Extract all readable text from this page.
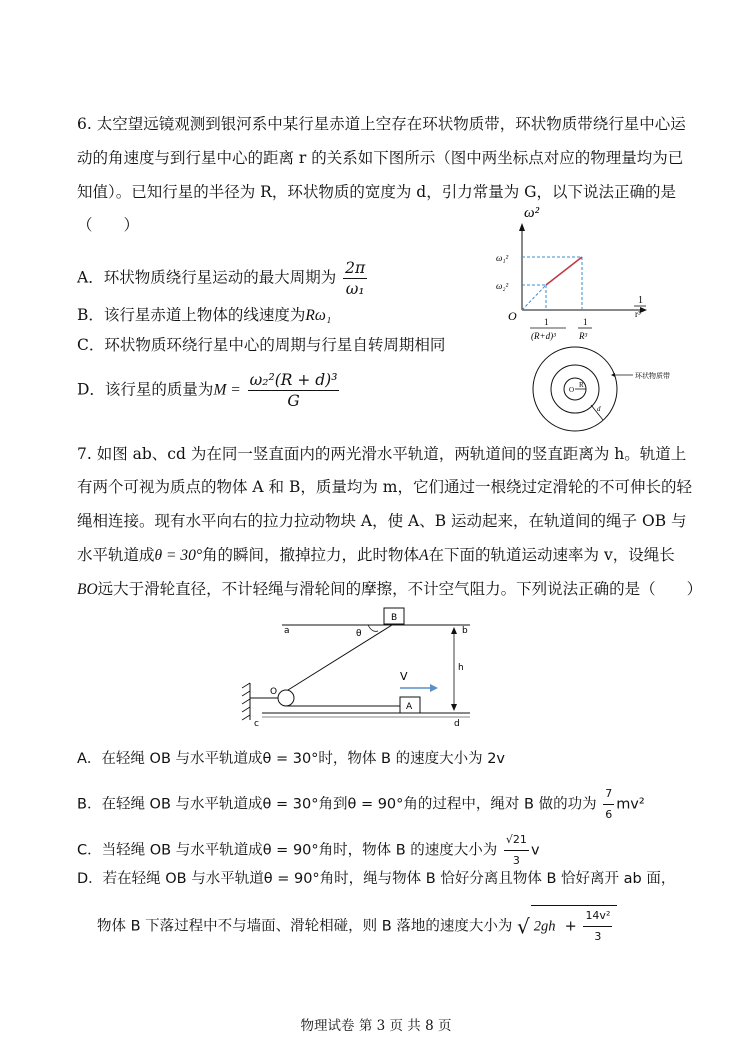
6. 太空望远镜观测到银河系中某行星赤道上空存在环状物质带，环状物质带绕行星中心运
动的角速度与到行星中心的距离 r 的关系如下图所示（图中两坐标点对应的物理量均为已
知值）。已知行星的半径为 R，环状物质的宽度为 d，引力常量为 G，以下说法正确的是
（　　）
A．环状物质绕行星运动的最大周期为 $\frac{2\pi}{\text{ω₁}}$
B．该行星赤道上物体的线速度为Rω₁
C．环状物质环绕行星中心的周期与行星自转周期相同
D．该行星的质量为$M = \frac{\text{ω₂²(R + d)³}}{G}$
ω²
ω₁²
ω₂²
O
1
r³
1
(R+d)³
1
R³
环状物质带
O
R
d
7. 如图 ab、cd 为在同一竖直面内的两光滑水平轨道，两轨道间的竖直距离为 h。轨道上
有两个可视为质点的物体 A 和 B，质量均为 m，它们通过一根绕过定滑轮的不可伸长的轻
绳相连接。现有水平向右的拉力拉动物块 A，使 A、B 运动起来，在轨道间的绳子 OB 与
水平轨道成θ = 30°角的瞬间，撤掉拉力，此时物体A在下面的轨道运动速率为 v，设绳长
BO远大于滑轮直径，不计轻绳与滑轮间的摩擦，不计空气阻力。下列说法正确的是（　　）
a	b
c	d
B
A
O
θ
h
V
A．在轻绳 OB 与水平轨道成θ = 30°时，物体 B 的速度大小为 2v
B．在轻绳 OB 与水平轨道成θ = 30°角到θ = 90°角的过程中，绳对 B 做的功为 $\frac{7}{6} mv^2$
C．当轻绳 OB 与水平轨道成θ = 90°角时，物体 B 的速度大小为 $\frac{√21}{3}$ v
D．若在轻绳 OB 与水平轨道θ = 90°角时，绳与物体 B 恰好分离且物体 B 恰好离开 ab 面，
物体 B 下落过程中不与墙面、滑轮相碰，则 B 落地的速度大小为 √ $2gh + \frac{\text{14v²}}{3}$
物理试卷 第 3 页 共 8 页
